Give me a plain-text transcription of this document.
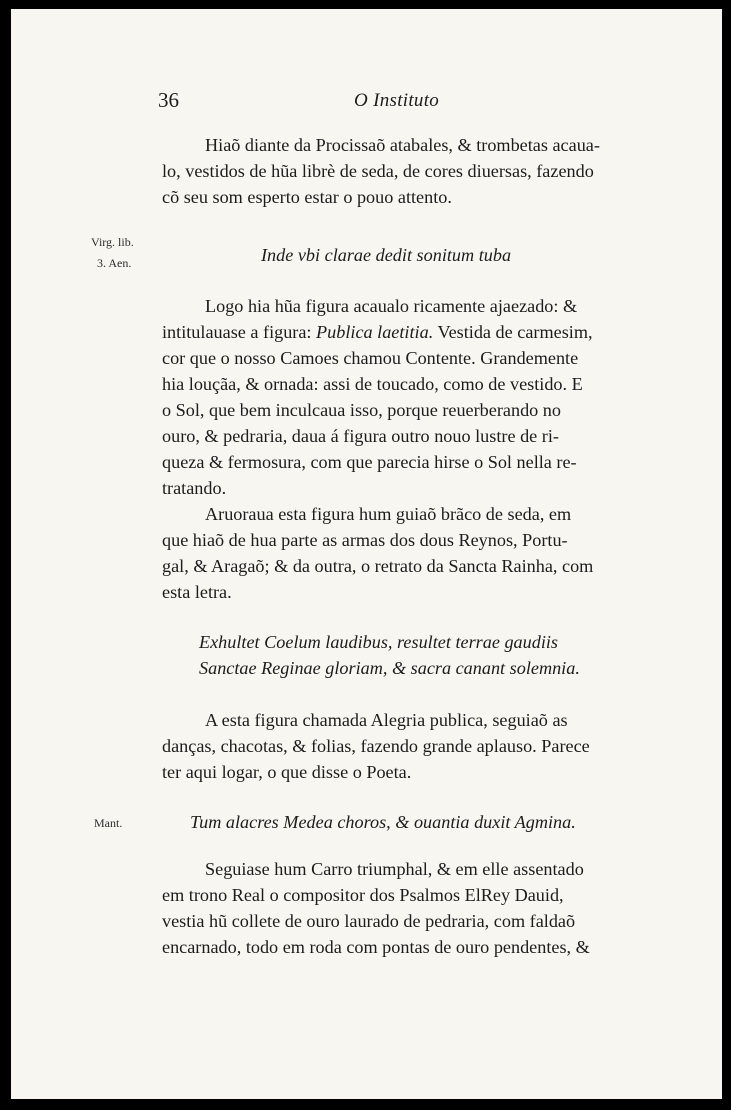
36	O Instituto
Hiaõ diante da Procissaõ atabales, & trombetas acaua-
lo, vestidos de hũa librè de seda, de cores diuersas, fazendo
cõ seu som esperto estar o pouo attento.
Virg. lib.
3. Aen.	Inde vbi clarae dedit sonitum tuba
Logo hia hũa figura acaualo ricamente ajaezado: &
intitulauase a figura: Publica laetitia. Vestida de carmesim,
cor que o nosso Camoes chamou Contente. Grandemente
hia louçãa, & ornada: assi de toucado, como de vestido. E
o Sol, que bem inculcaua isso, porque reuerberando no
ouro, & pedraria, daua á figura outro nouo lustre de ri-
queza & fermosura, com que parecia hirse o Sol nella re-
tratando.
Aruoraua esta figura hum guiaõ brãco de seda, em
que hiaõ de hua parte as armas dos dous Reynos, Portu-
gal, & Aragaõ; & da outra, o retrato da Sancta Rainha, com
esta letra.
Exhultet Coelum laudibus, resultet terrae gaudiis
Sanctae Reginae gloriam, & sacra canant solemnia.
A esta figura chamada Alegria publica, seguiaõ as
danças, chacotas, & folias, fazendo grande aplauso. Parece
ter aqui logar, o que disse o Poeta.
Mant.	Tum alacres Medea choros, & ouantia duxit Agmina.
Seguiase hum Carro triumphal, & em elle assentado
em trono Real o compositor dos Psalmos ElRey Dauid,
vestia hũ collete de ouro laurado de pedraria, com faldaõ
encarnado, todo em roda com pontas de ouro pendentes, &
